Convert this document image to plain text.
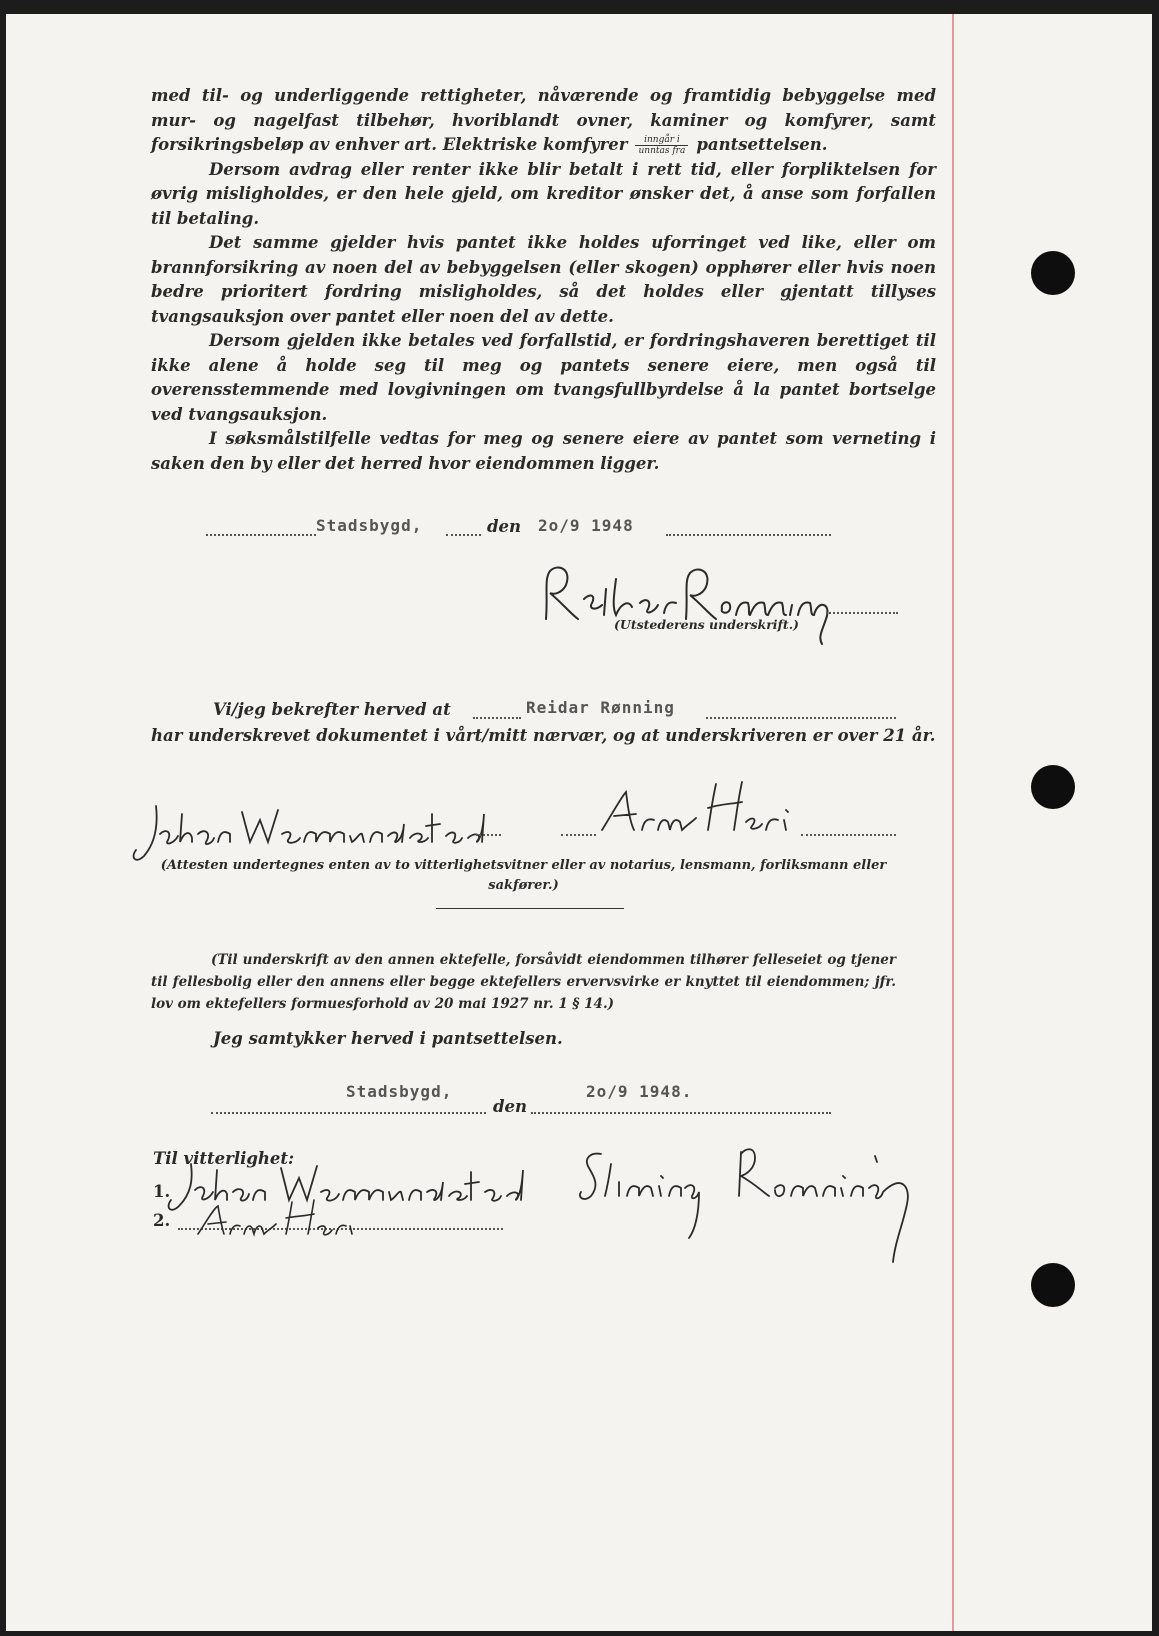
med til- og underliggende rettigheter, nåværende og framtidig bebyggelse med mur- og nagelfast tilbehør, hvoriblandt ovner, kaminer og komfyrer, samt forsikringsbeløp av enhver art. Elektriske komfyrer $\frac{\text{inngår i}}{\text{unntas fra}}$ pantsettelsen.

Dersom avdrag eller renter ikke blir betalt i rett tid, eller forpliktelsen for øvrig misligholdes, er den hele gjeld, om kreditor ønsker det, å anse som forfallen til betaling.

Det samme gjelder hvis pantet ikke holdes uforringet ved like, eller om brannforsikring av noen del av bebyggelsen (eller skogen) opphører eller hvis noen bedre prioritert fordring misligholdes, så det holdes eller gjentatt tillyses tvangsauksjon over pantet eller noen del av dette.

Dersom gjelden ikke betales ved forfallstid, er fordringshaveren berettiget til ikke alene å holde seg til meg og pantets senere eiere, men også til overensstemmende med lovgivningen om tvangsfullbyrdelse å la pantet bortselge ved tvangsauksjon.

I søksmålstilfelle vedtas for meg og senere eiere av pantet som verneting i saken den by eller det herred hvor eiendommen ligger.

Stadsbygd,	den 2o/9 1948
(Utstederens underskrift.)
Vi/jeg bekrefter herved at	Reidar Rønning
har underskrevet dokumentet i vårt/mitt nærvær, og at underskriveren er over 21 år.
(Attesten undertegnes enten av to vitterlighetsvitner eller av notarius, lensmann, forliksmann eller sakfører.)
(Til underskrift av den annen ektefelle, forsåvidt eiendommen tilhører felleseiet og tjener til fellesbolig eller den annens eller begge ektefellers ervervsvirke er knyttet til eiendommen; jfr. lov om ektefellers formuesforhold av 20 mai 1927 nr. 1 § 14.)
Jeg samtykker herved i pantsettelsen.
Stadsbygd,	2o/9 1948.
den
Til vitterlighet:
1.
2.
